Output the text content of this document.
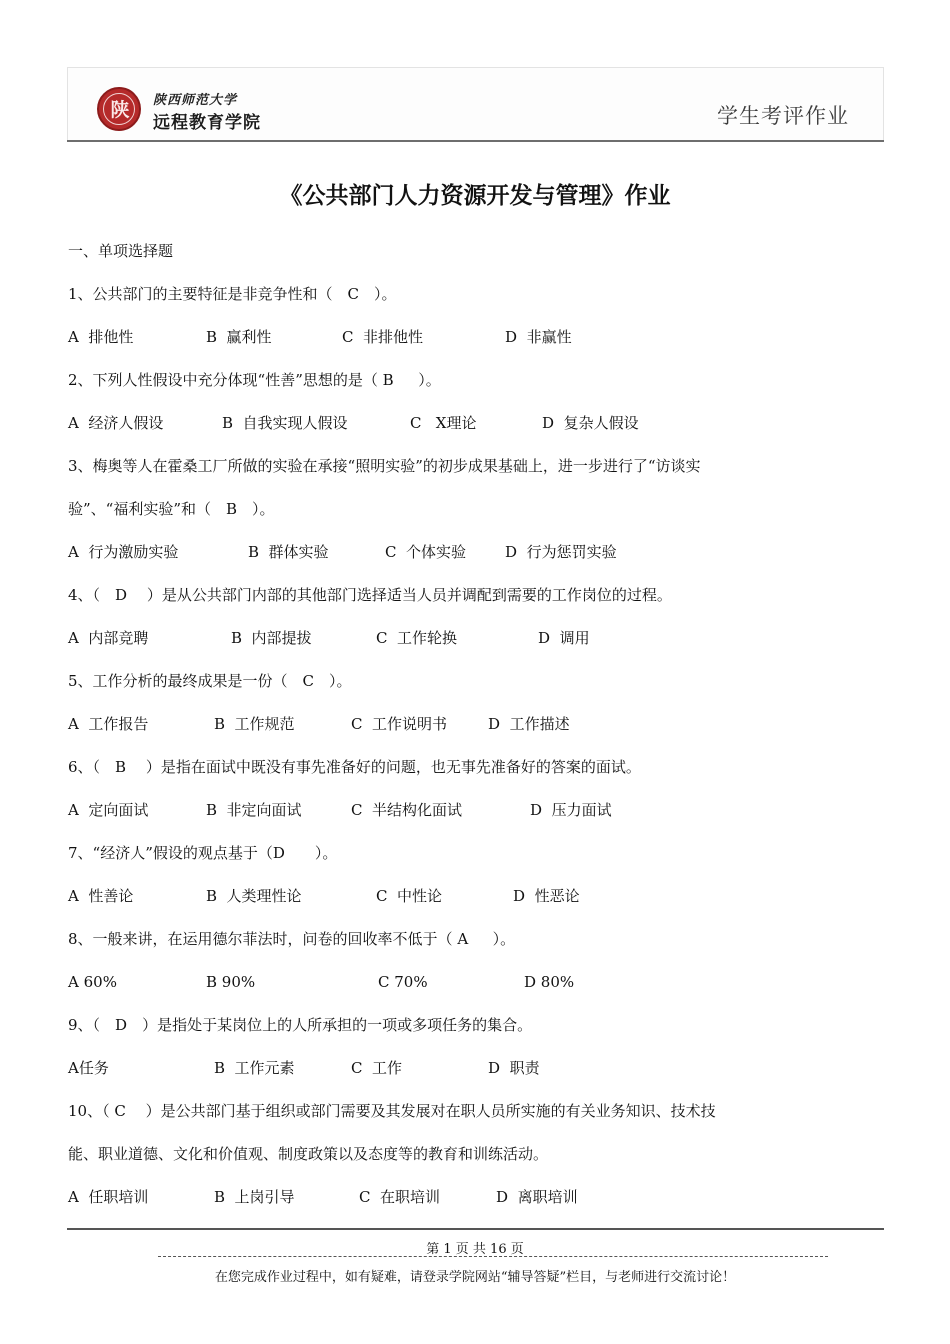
陕	陕西师范大学
远程教育学院	学生考评作业
《公共部门人力资源开发与管理》作业
一、单项选择题
1、公共部门的主要特征是非竞争性和（　C　）。
A  排他性	B  赢利性	C  非排他性	D  非赢性
2、下列人性假设中充分体现“性善”思想的是（ B　  ）。
A  经济人假设	B  自我实现人假设	C   X理论	D  复杂人假设
3、梅奥等人在霍桑工厂所做的实验在承接“照明实验”的初步成果基础上，进一步进行了“访谈实
验”、“福利实验”和（　B　）。
A  行为激励实验	B  群体实验	C  个体实验	D  行为惩罚实验
4、（　D　 ）是从公共部门内部的其他部门选择适当人员并调配到需要的工作岗位的过程。
A  内部竞聘	B  内部提拔	C  工作轮换	D  调用
5、工作分析的最终成果是一份（　C　）。
A  工作报告	B  工作规范	C  工作说明书	D  工作描述
6、（　B　 ）是指在面试中既没有事先准备好的问题，也无事先准备好的答案的面试。
A  定向面试	B  非定向面试	C  半结构化面试	D  压力面试
7、“经济人”假设的观点基于（D　　）。
A  性善论	B  人类理性论	C  中性论	D  性恶论
8、一般来讲，在运用德尔菲法时，问卷的回收率不低于（ A　  ）。
A 60%	B 90%	C 70%	D 80%
9、（　D　）是指处于某岗位上的人所承担的一项或多项任务的集合。
A任务	B  工作元素	C  工作	D  职责
10、（ C　 ）是公共部门基于组织或部门需要及其发展对在职人员所实施的有关业务知识、技术技
能、职业道德、文化和价值观、制度政策以及态度等的教育和训练活动。
A  任职培训	B  上岗引导	C  在职培训	D  离职培训
第 1 页 共 16 页
在您完成作业过程中，如有疑难，请登录学院网站“辅导答疑”栏目，与老师进行交流讨论！
